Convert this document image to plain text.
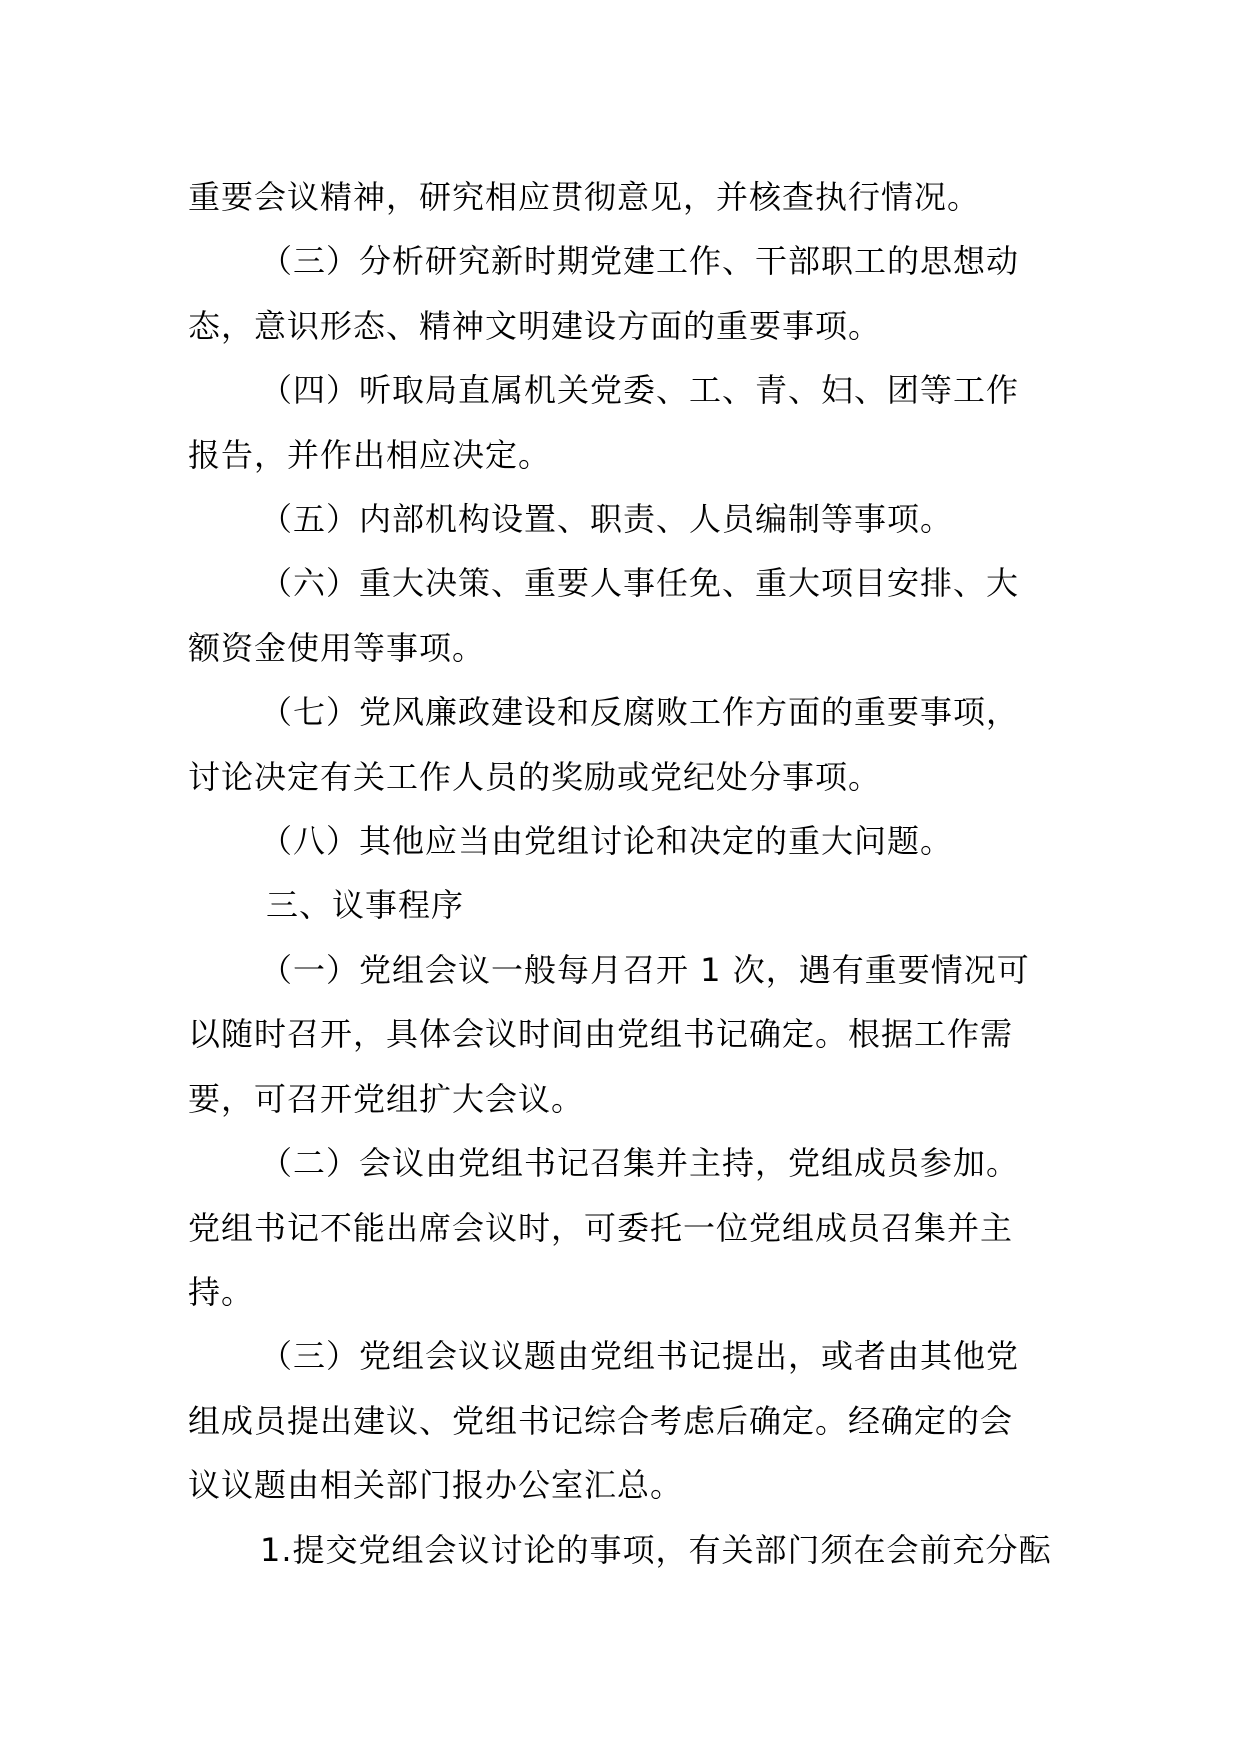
重要会议精神，研究相应贯彻意见，并核查执行情况。

（三）分析研究新时期党建工作、干部职工的思想动
态，意识形态、精神文明建设方面的重要事项。

（四）听取局直属机关党委、工、青、妇、团等工作
报告，并作出相应决定。

（五）内部机构设置、职责、人员编制等事项。

（六）重大决策、重要人事任免、重大项目安排、大
额资金使用等事项。

（七）党风廉政建设和反腐败工作方面的重要事项，
讨论决定有关工作人员的奖励或党纪处分事项。

（八）其他应当由党组讨论和决定的重大问题。

三、议事程序

（一）党组会议一般每月召开 1 次，遇有重要情况可
以随时召开，具体会议时间由党组书记确定。根据工作需
要，可召开党组扩大会议。

（二）会议由党组书记召集并主持，党组成员参加。
党组书记不能出席会议时，可委托一位党组成员召集并主
持。

（三）党组会议议题由党组书记提出，或者由其他党
组成员提出建议、党组书记综合考虑后确定。经确定的会
议议题由相关部门报办公室汇总。

1.提交党组会议讨论的事项，有关部门须在会前充分酝
